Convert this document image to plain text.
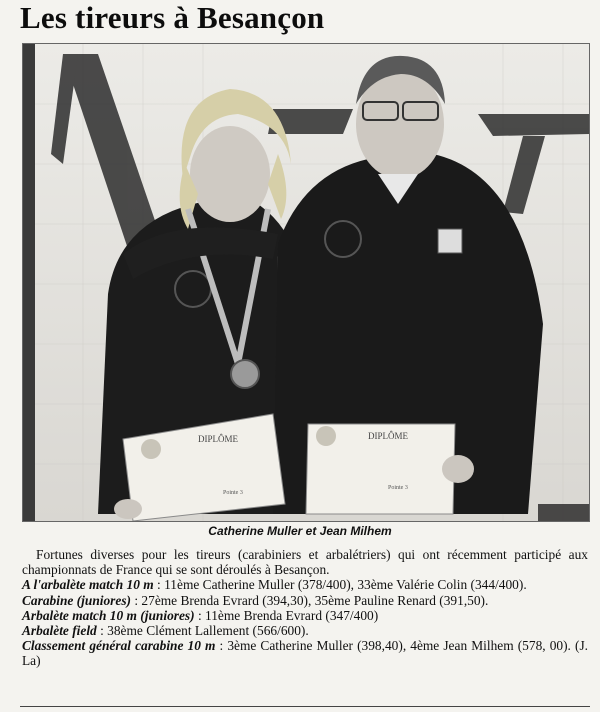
Les tireurs à Besançon
DIPLÔME
Pointe 3
DIPLÔME
Pointe 3
Catherine Muller et Jean Milhem

Fortunes diverses pour les tireurs (carabiniers et arbalétriers) qui ont récemment participé aux championnats de France qui se sont déroulés à Besançon.

A l'arbalète match 10 m : 11ème Catherine Muller (378/400), 33ème Valérie Colin (344/400).

Carabine (juniores) : 27ème Brenda Evrard (394,30), 35ème Pauline Renard (391,50).

Arbalète match 10 m (juniores) : 11ème Brenda Evrard (347/400)

Arbalète field : 38ème Clément Lallement (566/600).

Classement général carabine 10 m : 3ème Catherine Muller (398,40), 4ème Jean Milhem (578, 00). (J. La)
